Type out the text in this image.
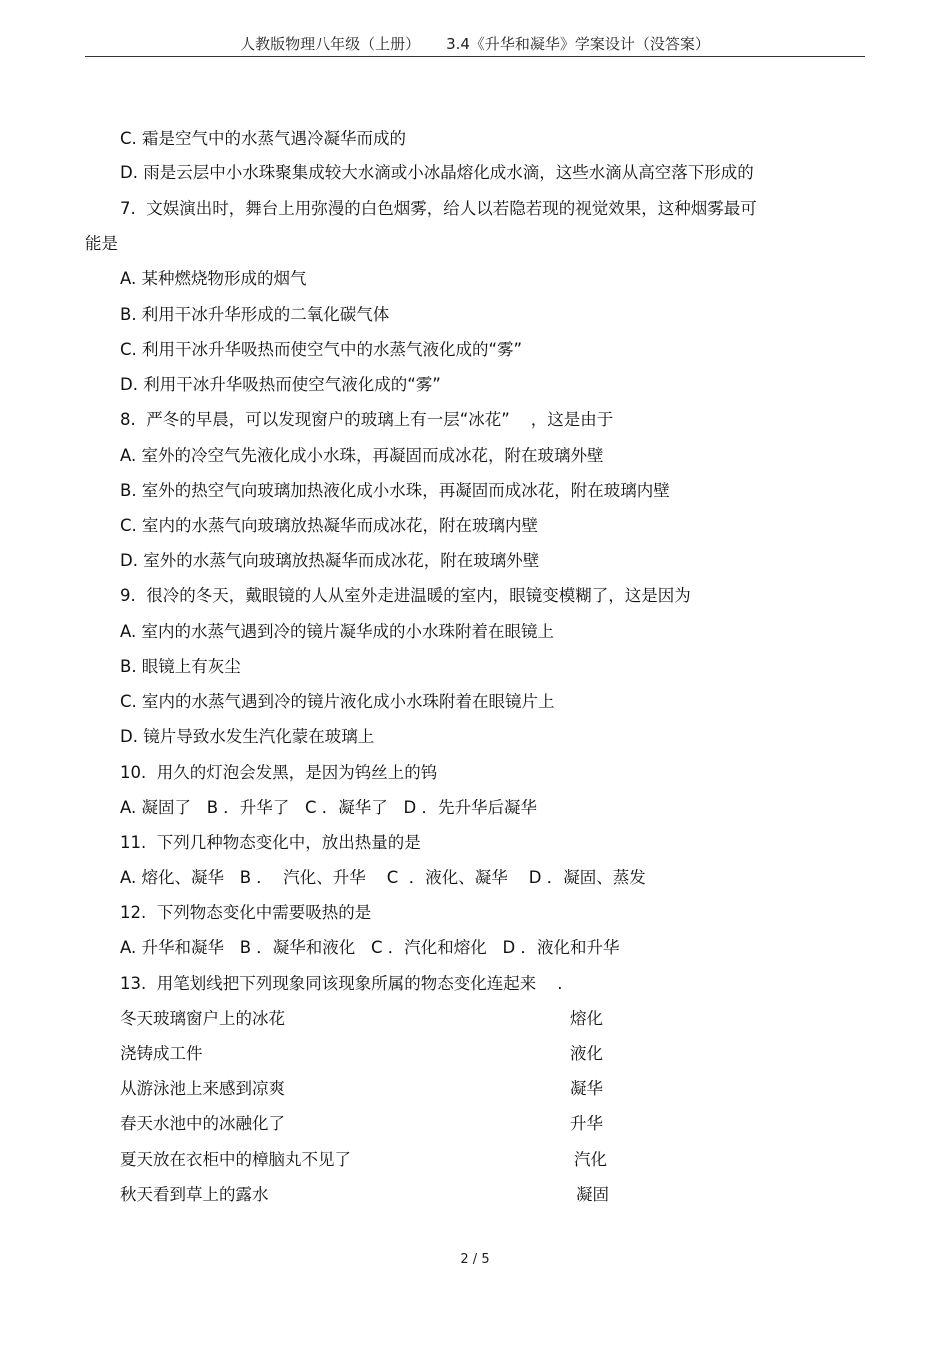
人教版物理八年级（上册） 3.4《升华和凝华》学案设计（没答案）
C. 霜是空气中的水蒸气遇冷凝华而成的
D. 雨是云层中小水珠聚集成较大水滴或小冰晶熔化成水滴，这些水滴从高空落下形成的
7.  文娱演出时，舞台上用弥漫的白色烟雾，给人以若隐若现的视觉效果，这种烟雾最可
能是
A. 某种燃烧物形成的烟气
B. 利用干冰升华形成的二氧化碳气体
C. 利用干冰升华吸热而使空气中的水蒸气液化成的“雾”
D. 利用干冰升华吸热而使空气液化成的“雾”
8.  严冬的早晨，可以发现窗户的玻璃上有一层“冰花”    ，这是由于
A. 室外的冷空气先液化成小水珠，再凝固而成冰花，附在玻璃外壁
B. 室外的热空气向玻璃加热液化成小水珠，再凝固而成冰花，附在玻璃内壁
C. 室内的水蒸气向玻璃放热凝华而成冰花，附在玻璃内壁
D. 室外的水蒸气向玻璃放热凝华而成冰花，附在玻璃外壁
9.  很冷的冬天，戴眼镜的人从室外走进温暖的室内，眼镜变模糊了，这是因为
A. 室内的水蒸气遇到冷的镜片凝华成的小水珠附着在眼镜上
B. 眼镜上有灰尘
C. 室内的水蒸气遇到冷的镜片液化成小水珠附着在眼镜片上
D. 镜片导致水发生汽化蒙在玻璃上
10.  用久的灯泡会发黑，是因为钨丝上的钨
A. 凝固了   B ．升华了   C ．凝华了   D ．先升华后凝华
11.  下列几种物态变化中，放出热量的是
A. 熔化、凝华   B ．  汽化、升华    C  ．液化、凝华    D ．凝固、蒸发
12.  下列物态变化中需要吸热的是
A. 升华和凝华   B ．凝华和液化   C ．汽化和熔化   D ．液化和升华
13.  用笔划线把下列现象同该现象所属的物态变化连起来    .
冬天玻璃窗户上的冰花
浇铸成工件
从游泳池上来感到凉爽
春天水池中的冰融化了
夏天放在衣柜中的樟脑丸不见了
秋天看到草上的露水
熔化
液化
凝华
升华
汽化
凝固
2 / 5
